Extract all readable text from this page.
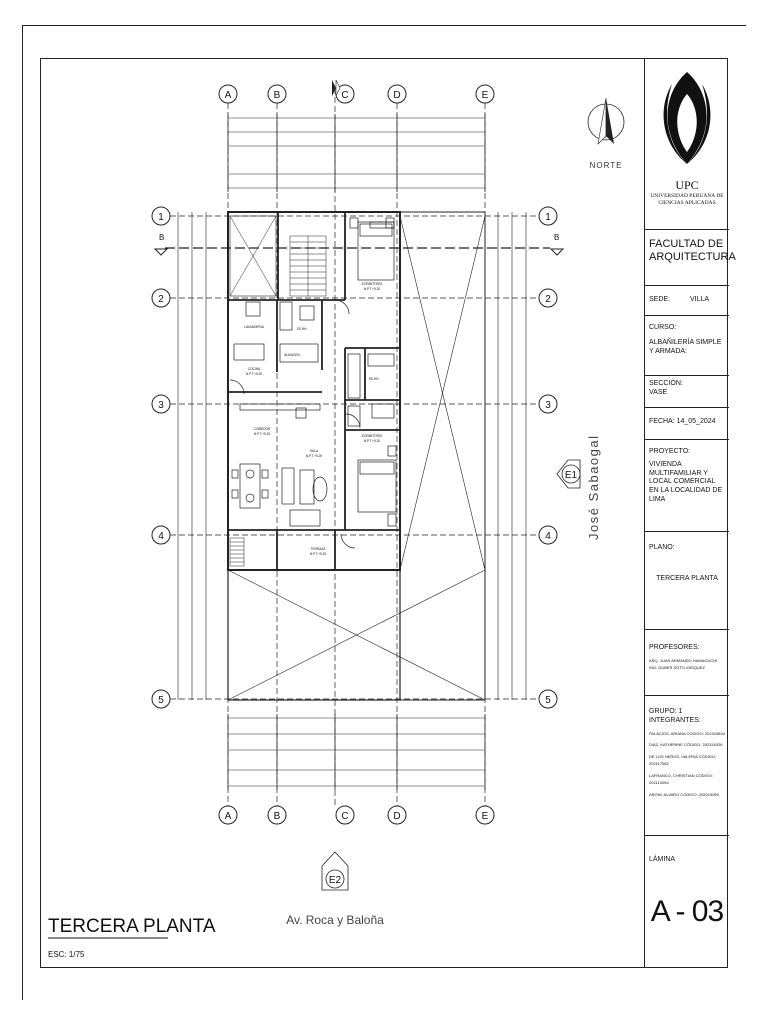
A	B	C	D	E
A	B	C	D	E
1
2
3
4
5
1
2
3
4
5
B	B
E1
E2
NORTE
LAVANDERIA
COCINA
ALMACEN
COMEDOR
SALA
DORMITORIO
DORMITORIO
SS.HH.
SS.HH.
TERRAZA
N.P.T.+5.20
N.P.T.+5.20
N.P.T.+5.20
N.P.T.+5.20
N.P.T.+5.20
N.P.T.+5.20
José Sabaogal
Av. Roca y Baloña
TERCERA PLANTA
ESC: 1/75
UPC
UNIVERSIDAD PERUANA DE
CIENCIAS APLICADAS
FACULTAD DE ARQUITECTURA
SEDE:	VILLA
CURSO:
ALBAÑILERÍA SIMPLE Y ARMADA:
SECCIÓN:
VASE
FECHA: 14_05_2024
PROYECTO:
VIVIENDA MULTIFAMILIAR Y LOCAL COMERCIAL EN LA LOCALIDAD DE LIMA
PLANO:
TERCERA PLANTA
PROFESORES:
ARQ. JUAN ARMANDO HAMAGUCHI
ING. DUBER SOTO VÁSQUEZ
GRUPO: 1
INTEGRANTES:
PALACIOS, ARIANA CÓDIGO: 202315834
DIAZ, KATHERINE CÓDIGO: 202316326
DE LOS HEROS, VALERIA CÓDIGO: 202117082
LAFRANCO, CHRISTIAN CÓDIGO: 202110054
ARONI, ALVARO CÓDIGO: 202019059
LÁMINA
A - 03
